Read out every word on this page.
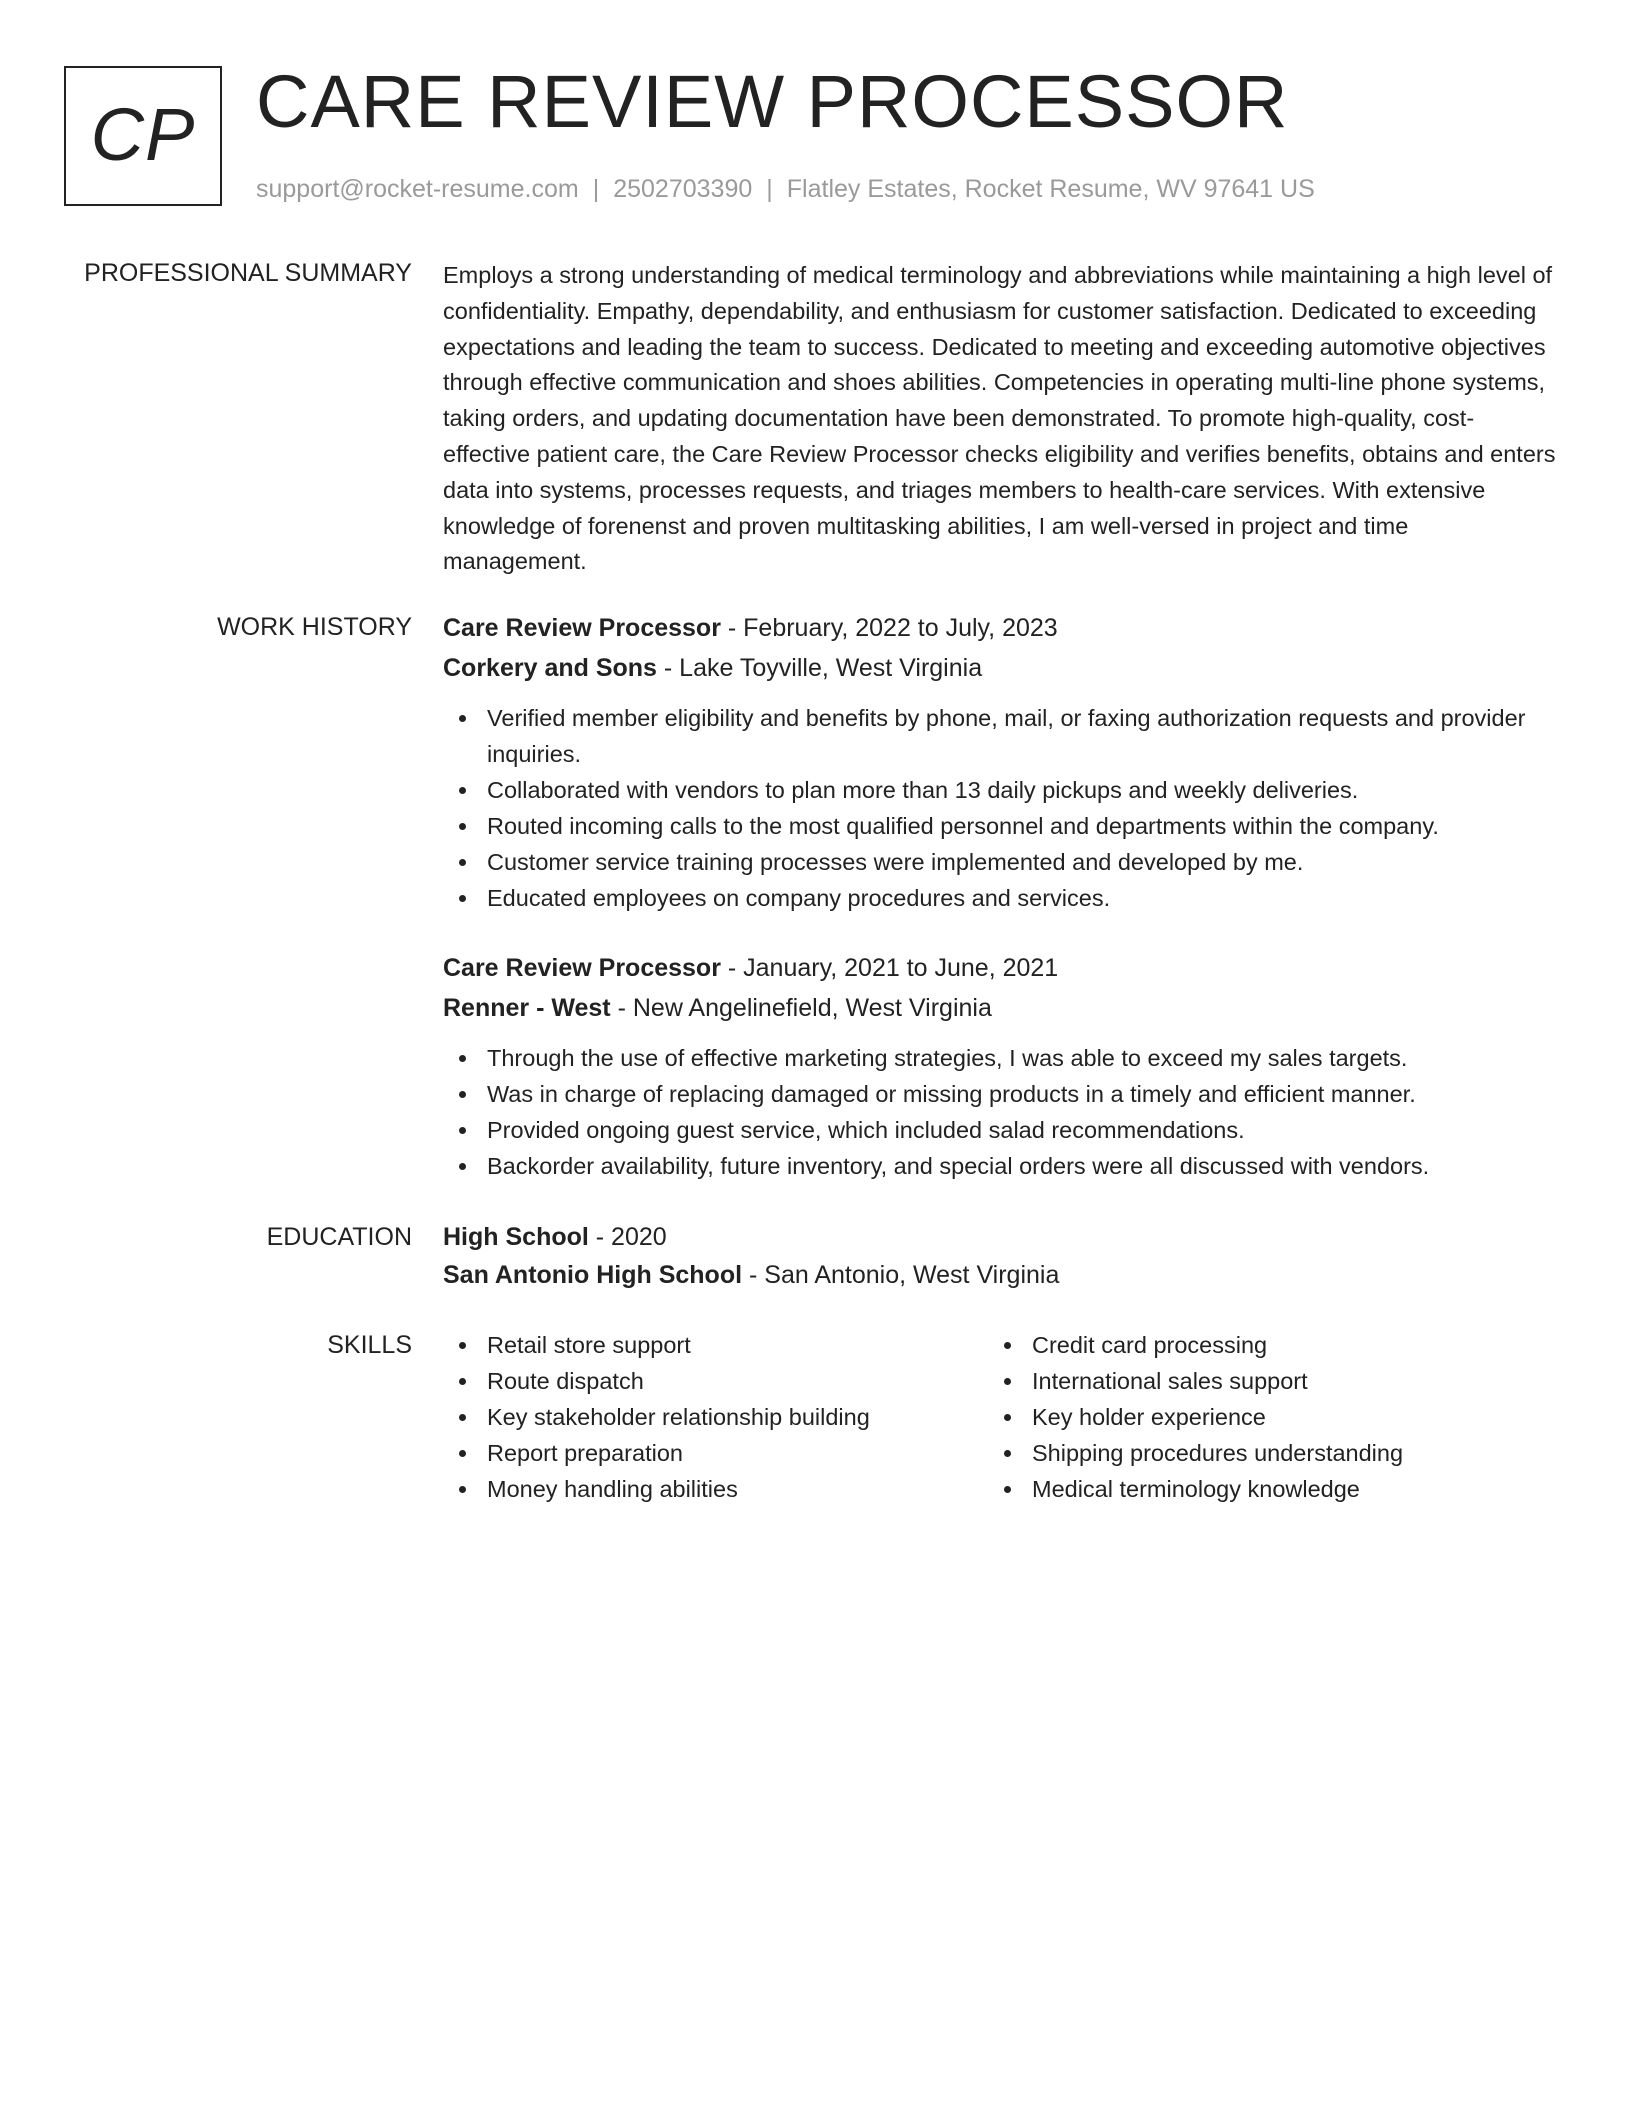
CP CARE REVIEW PROCESSOR
support@rocket-resume.com | 2502703390 | Flatley Estates, Rocket Resume, WV 97641 US
PROFESSIONAL SUMMARY Employs a strong understanding of medical terminology and abbreviations while maintaining a high level of confidentiality. Empathy, dependability, and enthusiasm for customer satisfaction. Dedicated to exceeding expectations and leading the team to success. Dedicated to meeting and exceeding automotive objectives through effective communication and shoes abilities. Competencies in operating multi-line phone systems, taking orders, and updating documentation have been demonstrated. To promote high-quality, cost-effective patient care, the Care Review Processor checks eligibility and verifies benefits, obtains and enters data into systems, processes requests, and triages members to health-care services. With extensive knowledge of forenenst and proven multitasking abilities, I am well-versed in project and time management.
WORK HISTORY Care Review Processor - February, 2022 to July, 2023
Corkery and Sons - Lake Toyville, West Virginia
Verified member eligibility and benefits by phone, mail, or faxing authorization requests and provider inquiries.
Collaborated with vendors to plan more than 13 daily pickups and weekly deliveries.
Routed incoming calls to the most qualified personnel and departments within the company.
Customer service training processes were implemented and developed by me.
Educated employees on company procedures and services.
Care Review Processor - January, 2021 to June, 2021
Renner - West - New Angelinefield, West Virginia
Through the use of effective marketing strategies, I was able to exceed my sales targets.
Was in charge of replacing damaged or missing products in a timely and efficient manner.
Provided ongoing guest service, which included salad recommendations.
Backorder availability, future inventory, and special orders were all discussed with vendors.
EDUCATION High School - 2020
San Antonio High School - San Antonio, West Virginia
SKILLS	Retail store support
Route dispatch
Key stakeholder relationship building
Report preparation
Money handling abilities
Credit card processing
International sales support
Key holder experience
Shipping procedures understanding
Medical terminology knowledge
